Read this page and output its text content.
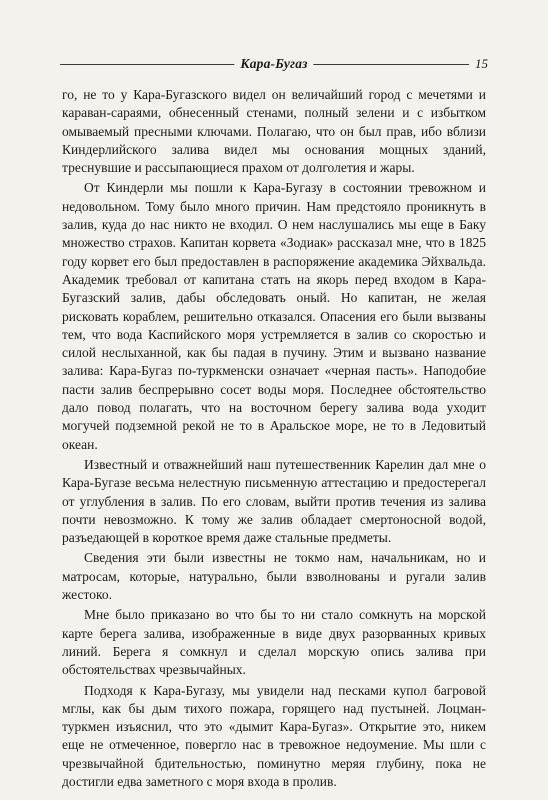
Кара-Бугаз	15

го, не то у Кара-Бугазского видел он величайший город с мечетями и караван-сараями, обнесенный стенами, полный зелени и с избытком омываемый пресными ключами. Полагаю, что он был прав, ибо вблизи Киндерлийского залива видел мы основания мощных зданий, треснувшие и рассыпающиеся прахом от долголетия и жары.

От Киндерли мы пошли к Кара-Бугазу в состоянии тревожном и недовольном. Тому было много причин. Нам предстояло проникнуть в залив, куда до нас никто не входил. О нем наслушались мы еще в Баку множество страхов. Капитан корвета «Зодиак» рассказал мне, что в 1825 году корвет его был предоставлен в распоряжение академика Эйхвальда. Академик требовал от капитана стать на якорь перед входом в Кара-Бугазский залив, дабы обследовать оный. Но капитан, не желая рисковать кораблем, решительно отказался. Опасения его были вызваны тем, что вода Каспийского моря устремляется в залив со скоростью и силой неслыханной, как бы падая в пучину. Этим и вызвано название залива: Кара-Бугаз по-туркменски означает «черная пасть». Наподобие пасти залив беспрерывно сосет воды моря. Последнее обстоятельство дало повод полагать, что на восточном берегу залива вода уходит могучей подземной рекой не то в Аральское море, не то в Ледовитый океан.

Известный и отважнейший наш путешественник Карелин дал мне о Кара-Бугазе весьма нелестную письменную аттестацию и предостерегал от углубления в залив. По его словам, выйти против течения из залива почти невозможно. К тому же залив обладает смертоносной водой, разъедающей в короткое время даже стальные предметы.

Сведения эти были известны не токмо нам, начальникам, но и матросам, которые, натурально, были взволнованы и ругали залив жестоко.

Мне было приказано во что бы то ни стало сомкнуть на морской карте берега залива, изображенные в виде двух разорванных кривых линий. Берега я сомкнул и сделал морскую опись залива при обстоятельствах чрезвычайных.

Подходя к Кара-Бугазу, мы увидели над песками купол багровой мглы, как бы дым тихого пожара, горящего над пустыней. Лоцман-туркмен изъяснил, что это «дымит Кара-Бугаз». Открытие это, никем еще не отмеченное, повергло нас в тревожное недоумение. Мы шли с чрезвычайной бдительностью, поминутно меряя глубину, пока не достигли едва заметного с моря входа в пролив.
